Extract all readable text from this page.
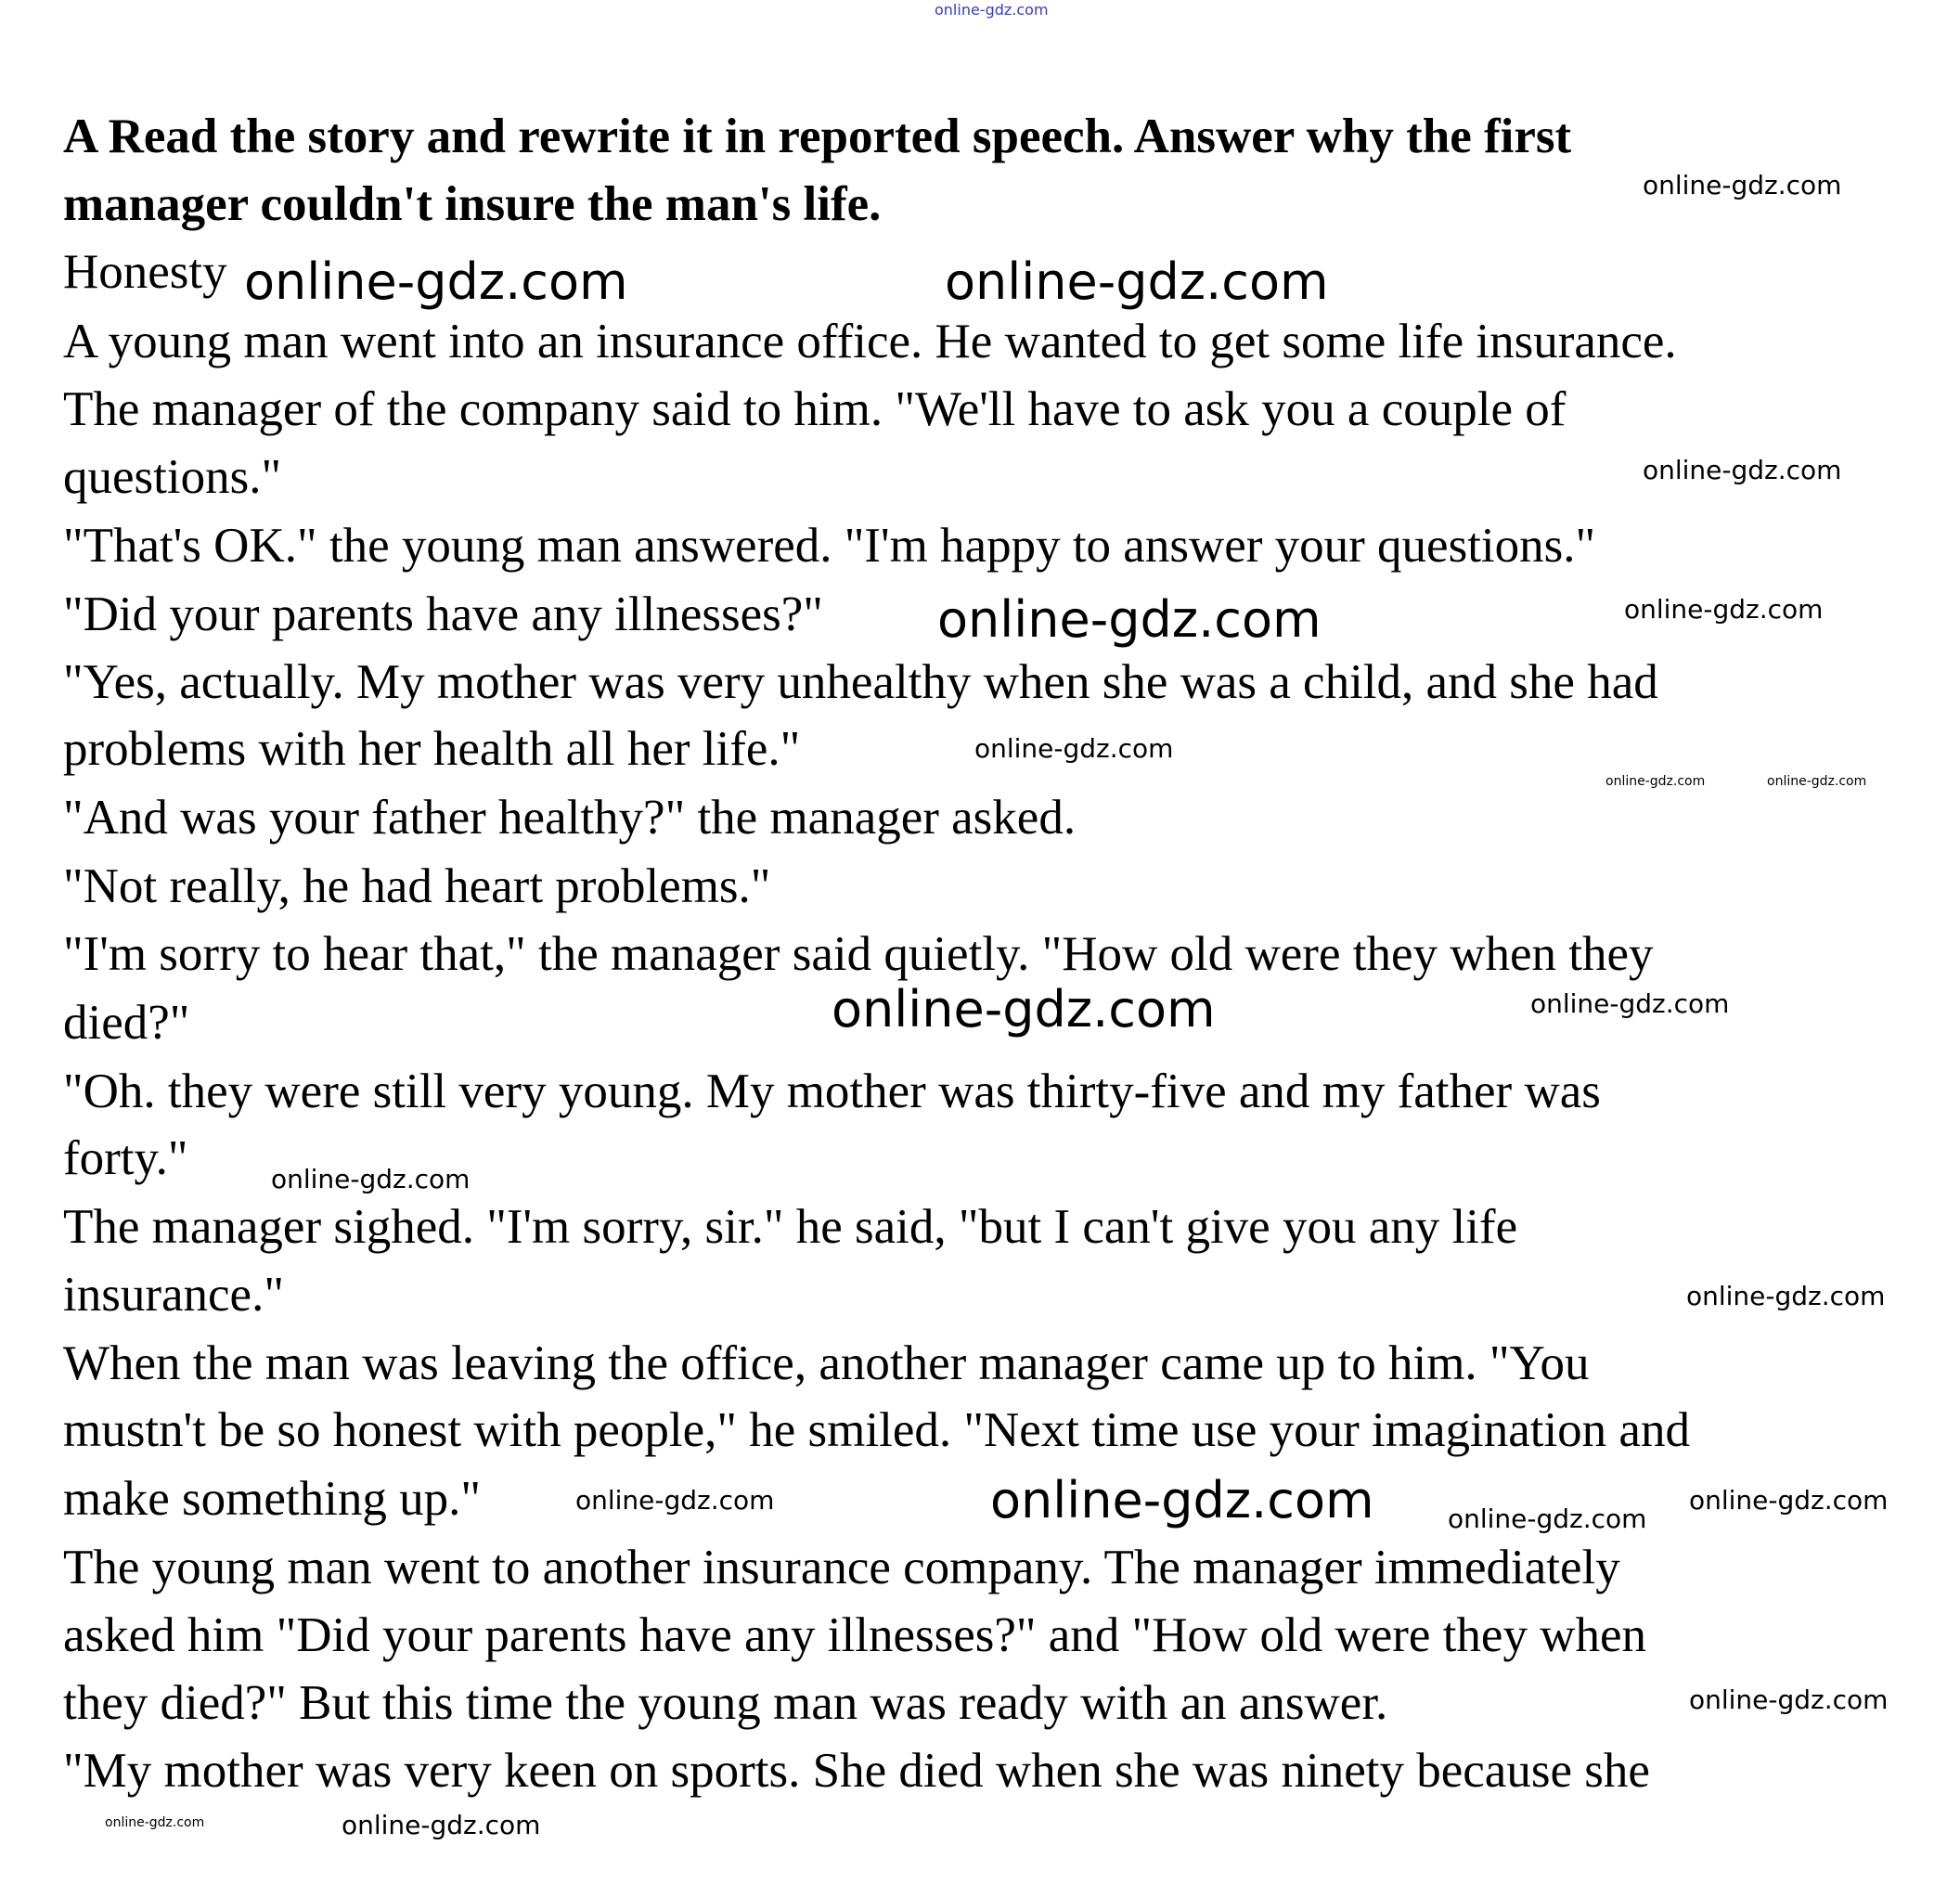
A Read the story and rewrite it in reported speech. Answer why the first
manager couldn't insure the man's life.
Honesty
A young man went into an insurance office. He wanted to get some life insurance.
The manager of the company said to him. "We'll have to ask you a couple of
questions."
"That's OK." the young man answered. "I'm happy to answer your questions."
"Did your parents have any illnesses?"
"Yes, actually. My mother was very unhealthy when she was a child, and she had
problems with her health all her life."
"And was your father healthy?" the manager asked.
"Not really, he had heart problems."
"I'm sorry to hear that," the manager said quietly. "How old were they when they
died?"
"Oh. they were still very young. My mother was thirty-five and my father was
forty."
The manager sighed. "I'm sorry, sir." he said, "but I can't give you any life
insurance."
When the man was leaving the office, another manager came up to him. "You
mustn't be so honest with people," he smiled. "Next time use your imagination and
make something up."
The young man went to another insurance company. The manager immediately
asked him "Did your parents have any illnesses?" and "How old were they when
they died?" But this time the young man was ready with an answer.
"My mother was very keen on sports. She died when she was ninety because she
online-gdz.com
online-gdz.com
online-gdz.com	online-gdz.com
online-gdz.com
online-gdz.com	online-gdz.com
online-gdz.com
online-gdz.com	online-gdz.com
online-gdz.com	online-gdz.com
online-gdz.com
online-gdz.com
online-gdz.com
online-gdz.com
online-gdz.com
online-gdz.com
online-gdz.com
online-gdz.com	online-gdz.com
